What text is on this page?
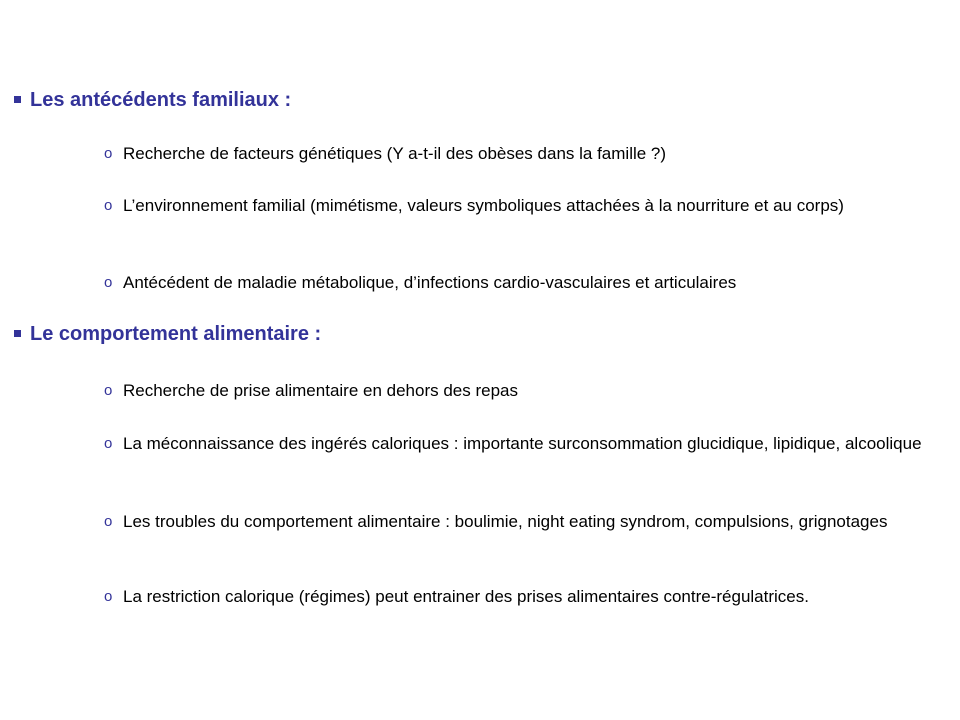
Les antécédents familiaux :
o Recherche de facteurs génétiques (Y a-t-il des obèses dans la famille ?)

o L’environnement familial (mimétisme, valeurs symboliques attachées à la nourriture et au corps)

o Antécédent de maladie métabolique, d’infections cardio-vasculaires et articulaires

Le comportement alimentaire :
o Recherche de prise alimentaire en dehors des repas

o La méconnaissance des ingérés caloriques : importante surconsommation glucidique, lipidique, alcoolique

o Les troubles du comportement alimentaire : boulimie, night eating syndrom, compulsions, grignotages

o La restriction calorique (régimes) peut entrainer des prises alimentaires contre-régulatrices.
